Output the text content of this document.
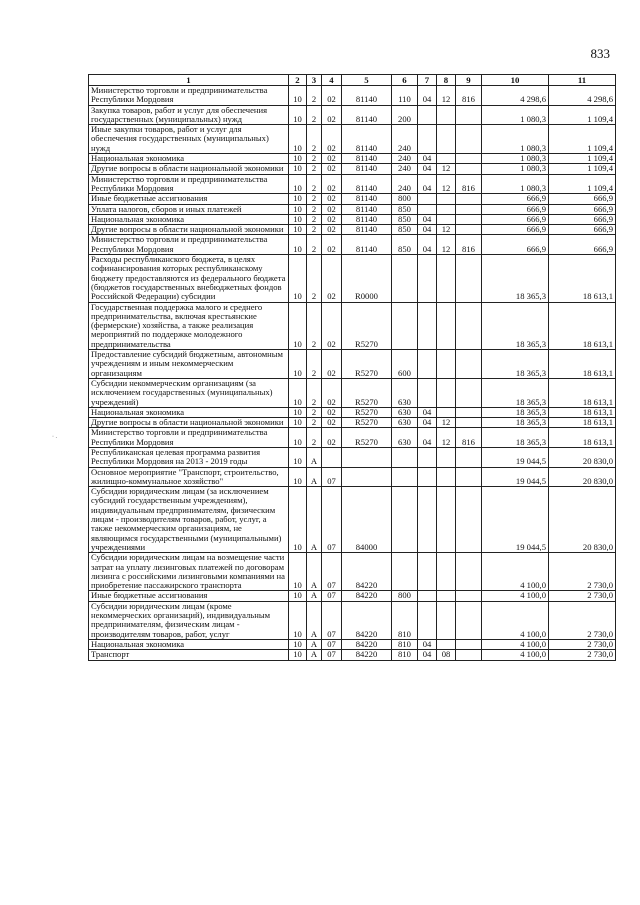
833
· .
1	2	3	4	5	6	7	8	9	10	11
Министерство торговли и предпринимательства Республики Мордовия	10	2	02	81140	110	04	12	816	4 298,6	4 298,6
Закупка товаров, работ и услуг для обеспечения государственных (муниципальных) нужд	10	2	02	81140	200				1 080,3	1 109,4
Иные закупки товаров, работ и услуг для обеспечения государственных (муниципальных) нужд	10	2	02	81140	240				1 080,3	1 109,4
Национальная экономика	10	2	02	81140	240	04			1 080,3	1 109,4
Другие вопросы в области национальной экономики	10	2	02	81140	240	04	12		1 080,3	1 109,4
Министерство торговли и предпринимательства Республики Мордовия	10	2	02	81140	240	04	12	816	1 080,3	1 109,4
Иные бюджетные ассигнования	10	2	02	81140	800				666,9	666,9
Уплата налогов, сборов и иных платежей	10	2	02	81140	850				666,9	666,9
Национальная экономика	10	2	02	81140	850	04			666,9	666,9
Другие вопросы в области национальной экономики	10	2	02	81140	850	04	12		666,9	666,9
Министерство торговли и предпринимательства Республики Мордовия	10	2	02	81140	850	04	12	816	666,9	666,9
Расходы республиканского бюджета, в целях софинансирования которых республиканскому бюджету предоставляются из федерального бюджета (бюджетов государственных внебюджетных фондов Российской Федерации) субсидии	10	2	02	R0000					18 365,3	18 613,1
Государственная поддержка малого и среднего предпринимательства, включая крестьянские (фермерские) хозяйства, а также реализация мероприятий по поддержке молодежного предпринимательства	10	2	02	R5270					18 365,3	18 613,1
Предоставление субсидий бюджетным, автономным учреждениям и иным некоммерческим организациям	10	2	02	R5270	600				18 365,3	18 613,1
Субсидии некоммерческим организациям (за исключением государственных (муниципальных) учреждений)	10	2	02	R5270	630				18 365,3	18 613,1
Национальная экономика	10	2	02	R5270	630	04			18 365,3	18 613,1
Другие вопросы в области национальной экономики	10	2	02	R5270	630	04	12		18 365,3	18 613,1
Министерство торговли и предпринимательства Республики Мордовия	10	2	02	R5270	630	04	12	816	18 365,3	18 613,1
Республиканская целевая программа развития Республики Мордовия на 2013 - 2019 годы	10	А							19 044,5	20 830,0
Основное мероприятие "Транспорт, строительство, жилищно-коммунальное хозяйство"	10	А	07						19 044,5	20 830,0
Субсидии юридическим лицам (за исключением субсидий государственным учреждениям), индивидуальным предпринимателям, физическим лицам - производителям товаров, работ, услуг, а также некоммерческим организациям, не являющимся государственными (муниципальными) учреждениями	10	А	07	84000					19 044,5	20 830,0
Субсидии юридическим лицам на возмещение части затрат на уплату лизинговых платежей по договорам лизинга с российскими лизинговыми компаниями на приобретение пассажирского транспорта	10	А	07	84220					4 100,0	2 730,0
Иные бюджетные ассигнования	10	А	07	84220	800				4 100,0	2 730,0
Субсидии юридическим лицам (кроме некоммерческих организаций), индивидуальным предпринимателям, физическим лицам - производителям товаров, работ, услуг	10	А	07	84220	810				4 100,0	2 730,0
Национальная экономика	10	А	07	84220	810	04			4 100,0	2 730,0
Транспорт	10	А	07	84220	810	04	08		4 100,0	2 730,0
